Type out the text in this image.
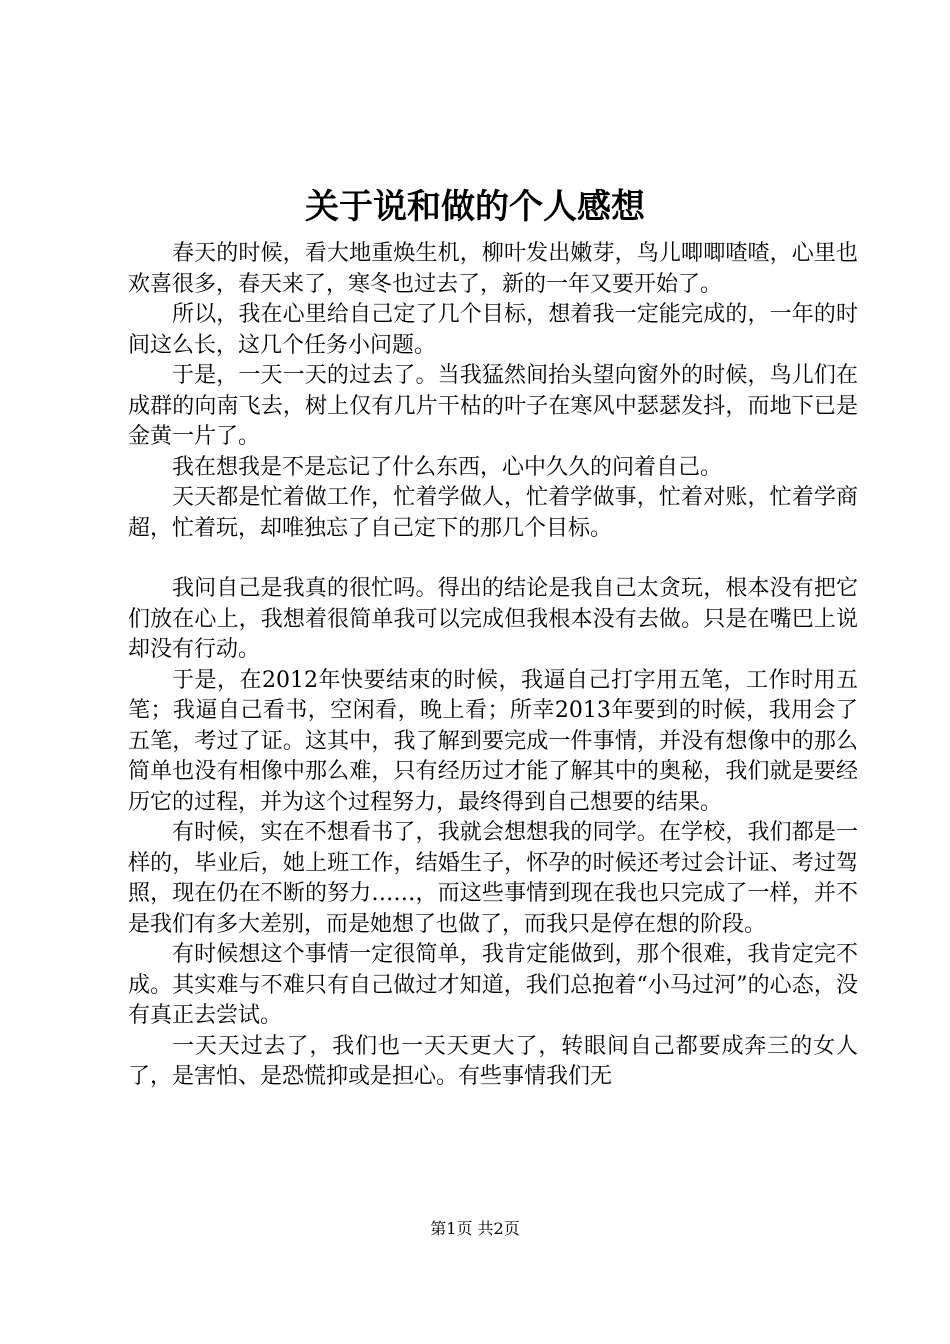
关于说和做的个人感想

春天的时候，看大地重焕生机，柳叶发出嫩芽，鸟儿唧唧喳喳，心里也欢喜很多，春天来了，寒冬也过去了，新的一年又要开始了。

所以，我在心里给自己定了几个目标，想着我一定能完成的，一年的时间这么长，这几个任务小问题。

于是，一天一天的过去了。当我猛然间抬头望向窗外的时候，鸟儿们在成群的向南飞去，树上仅有几片干枯的叶子在寒风中瑟瑟发抖，而地下已是金黄一片了。

我在想我是不是忘记了什么东西，心中久久的问着自己。

天天都是忙着做工作，忙着学做人，忙着学做事，忙着对账，忙着学商超，忙着玩，却唯独忘了自己定下的那几个目标。

我问自己是我真的很忙吗。得出的结论是我自己太贪玩，根本没有把它们放在心上，我想着很简单我可以完成但我根本没有去做。只是在嘴巴上说却没有行动。

于是，在2012年快要结束的时候，我逼自己打字用五笔，工作时用五笔；我逼自己看书，空闲看，晚上看；所幸2013年要到的时候，我用会了五笔，考过了证。这其中，我了解到要完成一件事情，并没有想像中的那么简单也没有相像中那么难，只有经历过才能了解其中的奥秘，我们就是要经历它的过程，并为这个过程努力，最终得到自己想要的结果。

有时候，实在不想看书了，我就会想想我的同学。在学校，我们都是一样的，毕业后，她上班工作，结婚生子，怀孕的时候还考过会计证、考过驾照，现在仍在不断的努力……，而这些事情到现在我也只完成了一样，并不是我们有多大差别，而是她想了也做了，而我只是停在想的阶段。

有时候想这个事情一定很简单，我肯定能做到，那个很难，我肯定完不成。其实难与不难只有自己做过才知道，我们总抱着“小马过河”的心态，没有真正去尝试。

一天天过去了，我们也一天天更大了，转眼间自己都要成奔三的女人了，是害怕、是恐慌抑或是担心。有些事情我们无

第1页 共2页
